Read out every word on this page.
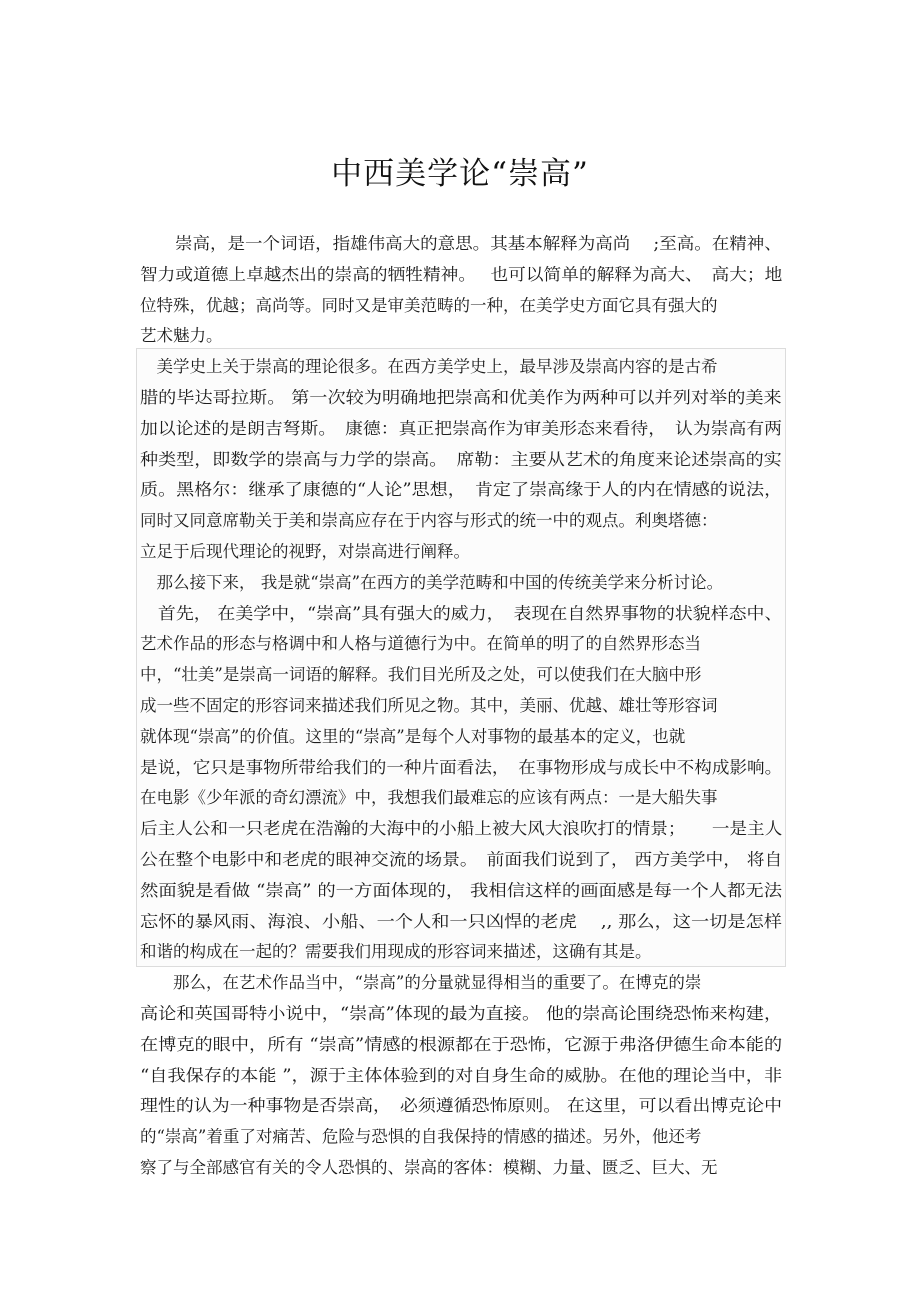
中西美学论“崇高”
　　崇高，是一个词语，指雄伟高大的意思。其基本解释为高尚　 ;至高。在精神、
智力或道德上卓越杰出的崇高的牺牲精神。　 也可以简单的解释为高大、　高大；地
位特殊，优越；高尚等。同时又是审美范畴的一种，在美学史方面它具有强大的
艺术魅力。
　美学史上关于崇高的理论很多。在西方美学史上，最早涉及崇高内容的是古希
腊的毕达哥拉斯。 第一次较为明确地把崇高和优美作为两种可以并列对举的美来
加以论述的是朗吉弩斯。　康德：真正把崇高作为审美形态来看待，　认为崇高有两
种类型，即数学的崇高与力学的崇高。　席勒：主要从艺术的角度来论述崇高的实
质。黑格尔：继承了康德的“人论”思想，　肯定了崇高缘于人的内在情感的说法，
同时又同意席勒关于美和崇高应存在于内容与形式的统一中的观点。利奥塔德：
立足于后现代理论的视野，对崇高进行阐释。
　那么接下来， 我是就“崇高”在西方的美学范畴和中国的传统美学来分析讨论。
　首先， 在美学中，“崇高”具有强大的威力，　表现在自然界事物的状貌样态中、
艺术作品的形态与格调中和人格与道德行为中。在简单的明了的自然界形态当
中，“壮美”是崇高一词语的解释。我们目光所及之处，可以使我们在大脑中形
成一些不固定的形容词来描述我们所见之物。其中，美丽、优越、雄壮等形容词
就体现“崇高”的价值。这里的“崇高”是每个人对事物的最基本的定义，也就
是说，它只是事物所带给我们的一种片面看法，　在事物形成与成长中不构成影响。
在电影《少年派的奇幻漂流》中，我想我们最难忘的应该有两点：一是大船失事
后主人公和一只老虎在浩瀚的大海中的小船上被大风大浪吹打的情景；　　一是主人
公在整个电影中和老虎的眼神交流的场景。　前面我们说到了， 西方美学中， 将自
然面貌是看做 “崇高” 的一方面体现的， 我相信这样的画面感是每一个人都无法
忘怀的暴风雨、海浪、小船、一个人和一只凶悍的老虎　 ,, 那么，这一切是怎样
和谐的构成在一起的？需要我们用现成的形容词来描述，这确有其是。
　　那么，在艺术作品当中，“崇高”的分量就显得相当的重要了。在博克的崇
高论和英国哥特小说中，“崇高”体现的最为直接。 他的崇高论围绕恐怖来构建，
在博克的眼中，所有 “崇高”情感的根源都在于恐怖，它源于弗洛伊德生命本能的
“自我保存的本能 ”，源于主体体验到的对自身生命的威胁。在他的理论当中，非
理性的认为一种事物是否崇高，　必须遵循恐怖原则。 在这里，可以看出博克论中
的“崇高”着重了对痛苦、危险与恐惧的自我保持的情感的描述。另外，他还考
察了与全部感官有关的令人恐惧的、崇高的客体：模糊、力量、匮乏、巨大、无
